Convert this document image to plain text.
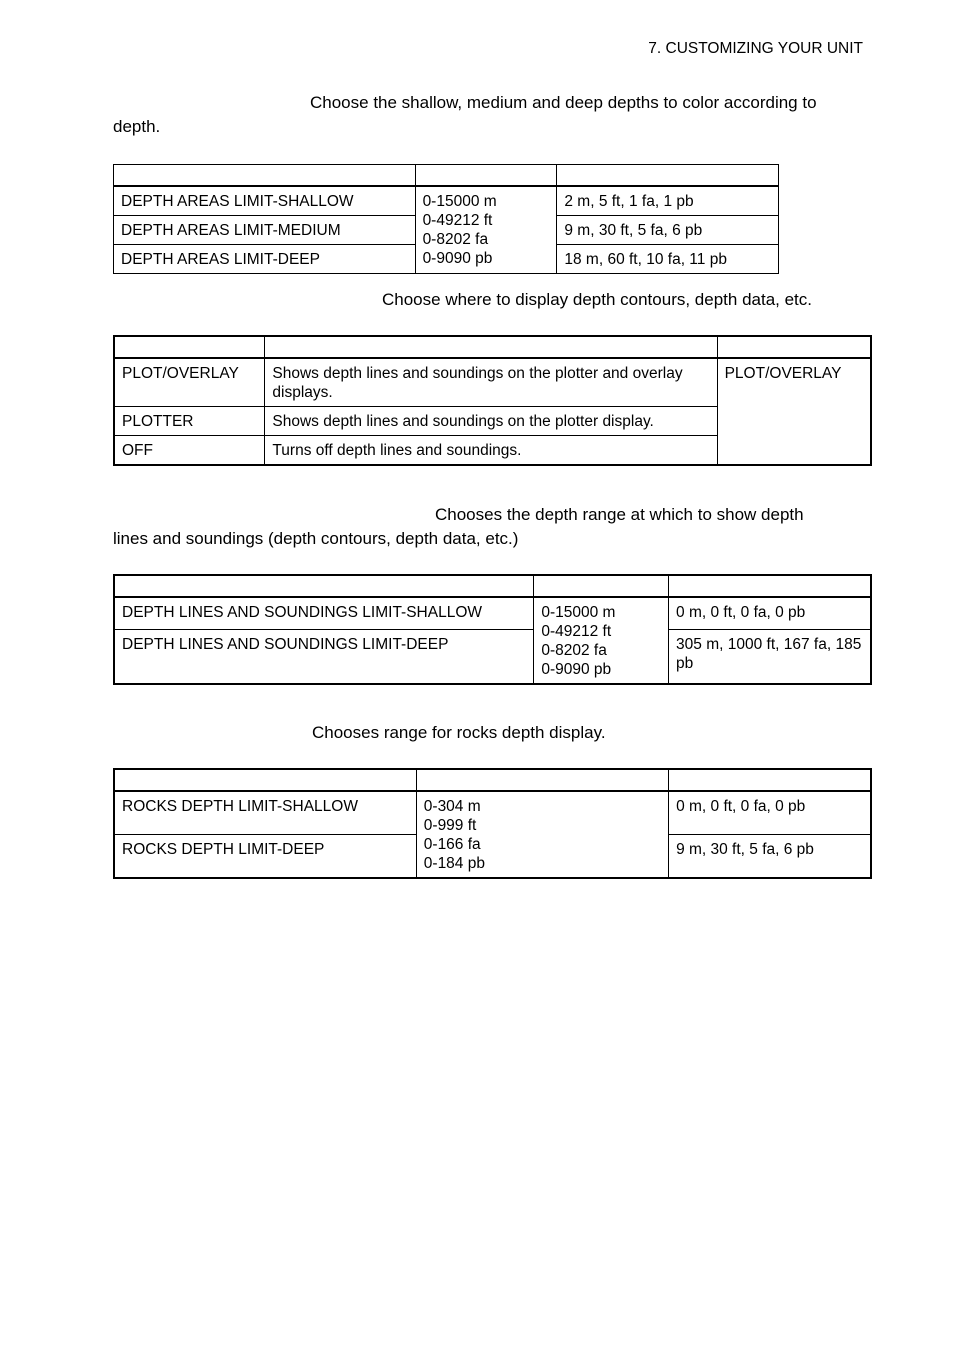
7. CUSTOMIZING YOUR UNIT
Choose the shallow, medium and deep depths to color according to
depth.

DEPTH AREAS LIMIT-SHALLOW	0-15000 m
0-49212 ft
0-8202 fa
0-9090 pb	2 m, 5 ft, 1 fa, 1 pb
DEPTH AREAS LIMIT-MEDIUM		9 m, 30 ft, 5 fa, 6 pb
DEPTH AREAS LIMIT-DEEP		18 m, 60 ft, 10 fa, 11 pb
Choose where to display depth contours, depth data, etc.

PLOT/OVERLAY	Shows depth lines and soundings on the plotter and overlay displays.	PLOT/OVERLAY
PLOTTER	Shows depth lines and soundings on the plotter display.	
OFF	Turns off depth lines and soundings.	
Chooses the depth range at which to show depth
lines and soundings (depth contours, depth data, etc.)

DEPTH LINES AND SOUNDINGS LIMIT-SHALLOW	0-15000 m
0-49212 ft
0-8202 fa
0-9090 pb	0 m, 0 ft, 0 fa, 0 pb
DEPTH LINES AND SOUNDINGS LIMIT-DEEP		305 m, 1000 ft, 167 fa, 185 pb
Chooses range for rocks depth display.

ROCKS DEPTH LIMIT-SHALLOW	0-304 m
0-999 ft
0-166 fa
0-184 pb	0 m, 0 ft, 0 fa, 0 pb
ROCKS DEPTH LIMIT-DEEP		9 m, 30 ft, 5 fa, 6 pb
